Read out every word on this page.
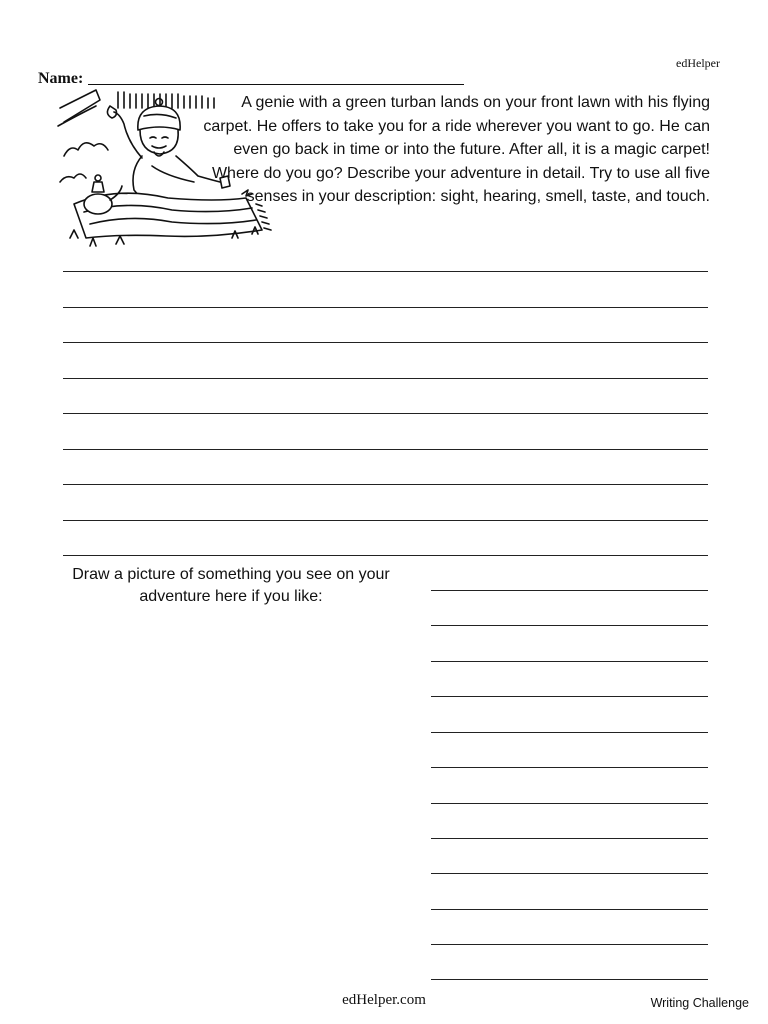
edHelper
Name:
A genie with a green turban lands on your front lawn with his flying carpet. He offers to take you for a ride wherever you want to go. He can even go back in time or into the future. After all, it is a magic carpet! Where do you go? Describe your adventure in detail. Try to use all five senses in your description: sight, hearing, smell, taste, and touch.
Draw a picture of something you see on your adventure here if you like:
edHelper.com	Writing Challenge
